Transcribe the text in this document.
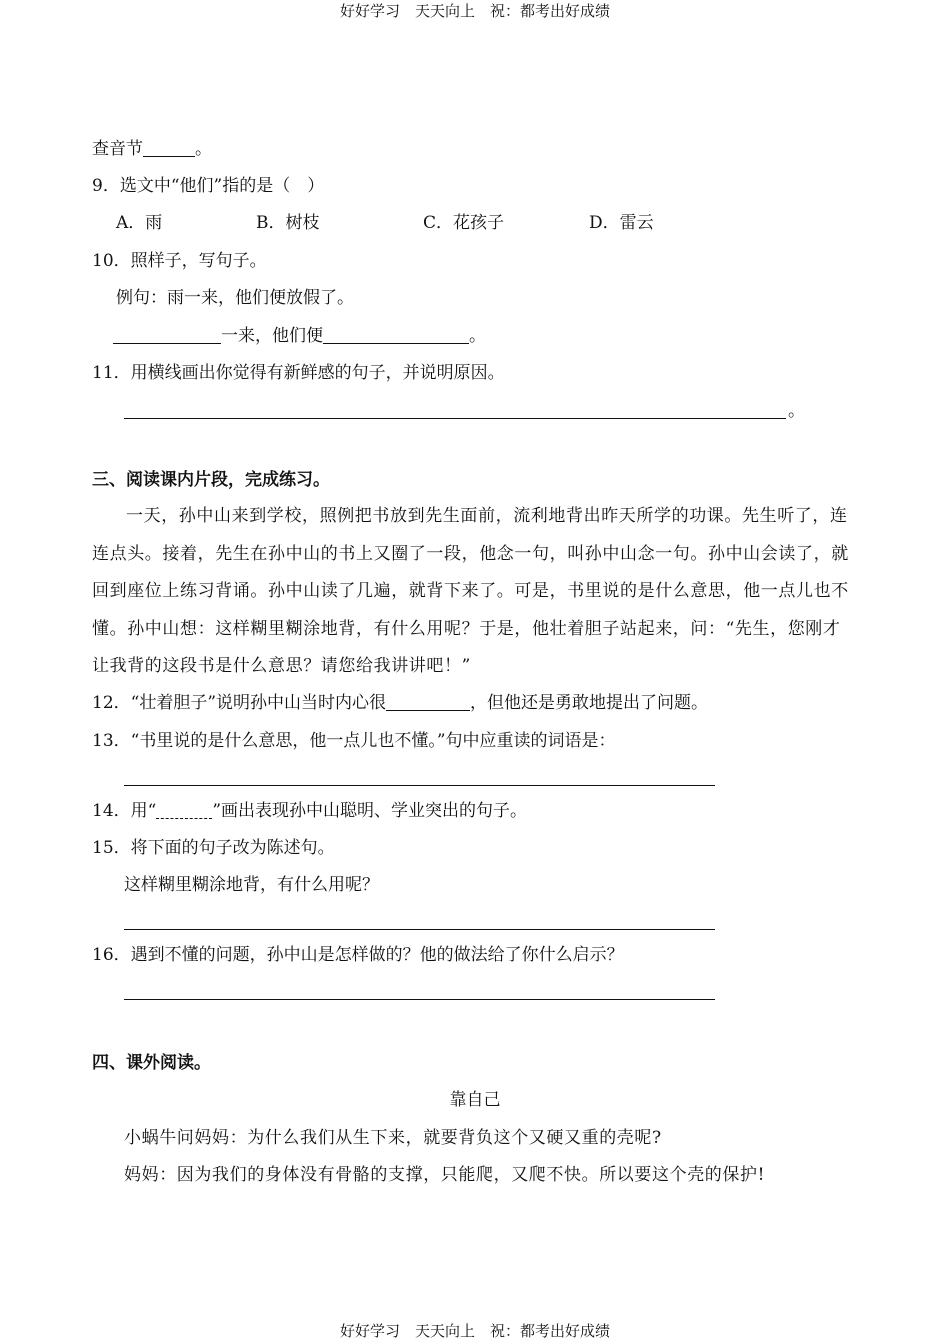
好好学习　天天向上　祝：都考出好成绩
查音节	。
9．选文中“他们”指的是（　）
A．雨	B．树枝	C．花孩子	D．雷云
10．照样子，写句子。
例句：雨一来，他们便放假了。
一来，他们便	。
11．用横线画出你觉得有新鲜感的句子，并说明原因。
。
三、阅读课内片段，完成练习。
一天，孙中山来到学校，照例把书放到先生面前，流利地背出昨天所学的功课。先生听了，连连点头。接着，先生在孙中山的书上又圈了一段，他念一句，叫孙中山念一句。孙中山会读了，就回到座位上练习背诵。孙中山读了几遍，就背下来了。可是，书里说的是什么意思，他一点儿也不懂。孙中山想：这样糊里糊涂地背，有什么用呢？于是，他壮着胆子站起来，问：“先生，您刚才让我背的这段书是什么意思？请您给我讲讲吧！”
12．“壮着胆子”说明孙中山当时内心很	，但他还是勇敢地提出了问题。
13．“书里说的是什么意思，他一点儿也不懂。”句中应重读的词语是：
14．用“	”画出表现孙中山聪明、学业突出的句子。
15．将下面的句子改为陈述句。
这样糊里糊涂地背，有什么用呢？
16．遇到不懂的问题，孙中山是怎样做的？他的做法给了你什么启示？
四、课外阅读。
靠自己
小蜗牛问妈妈：为什么我们从生下来，就要背负这个又硬又重的壳呢?
妈妈：因为我们的身体没有骨骼的支撑，只能爬，又爬不快。所以要这个壳的保护!
好好学习　天天向上　祝：都考出好成绩
